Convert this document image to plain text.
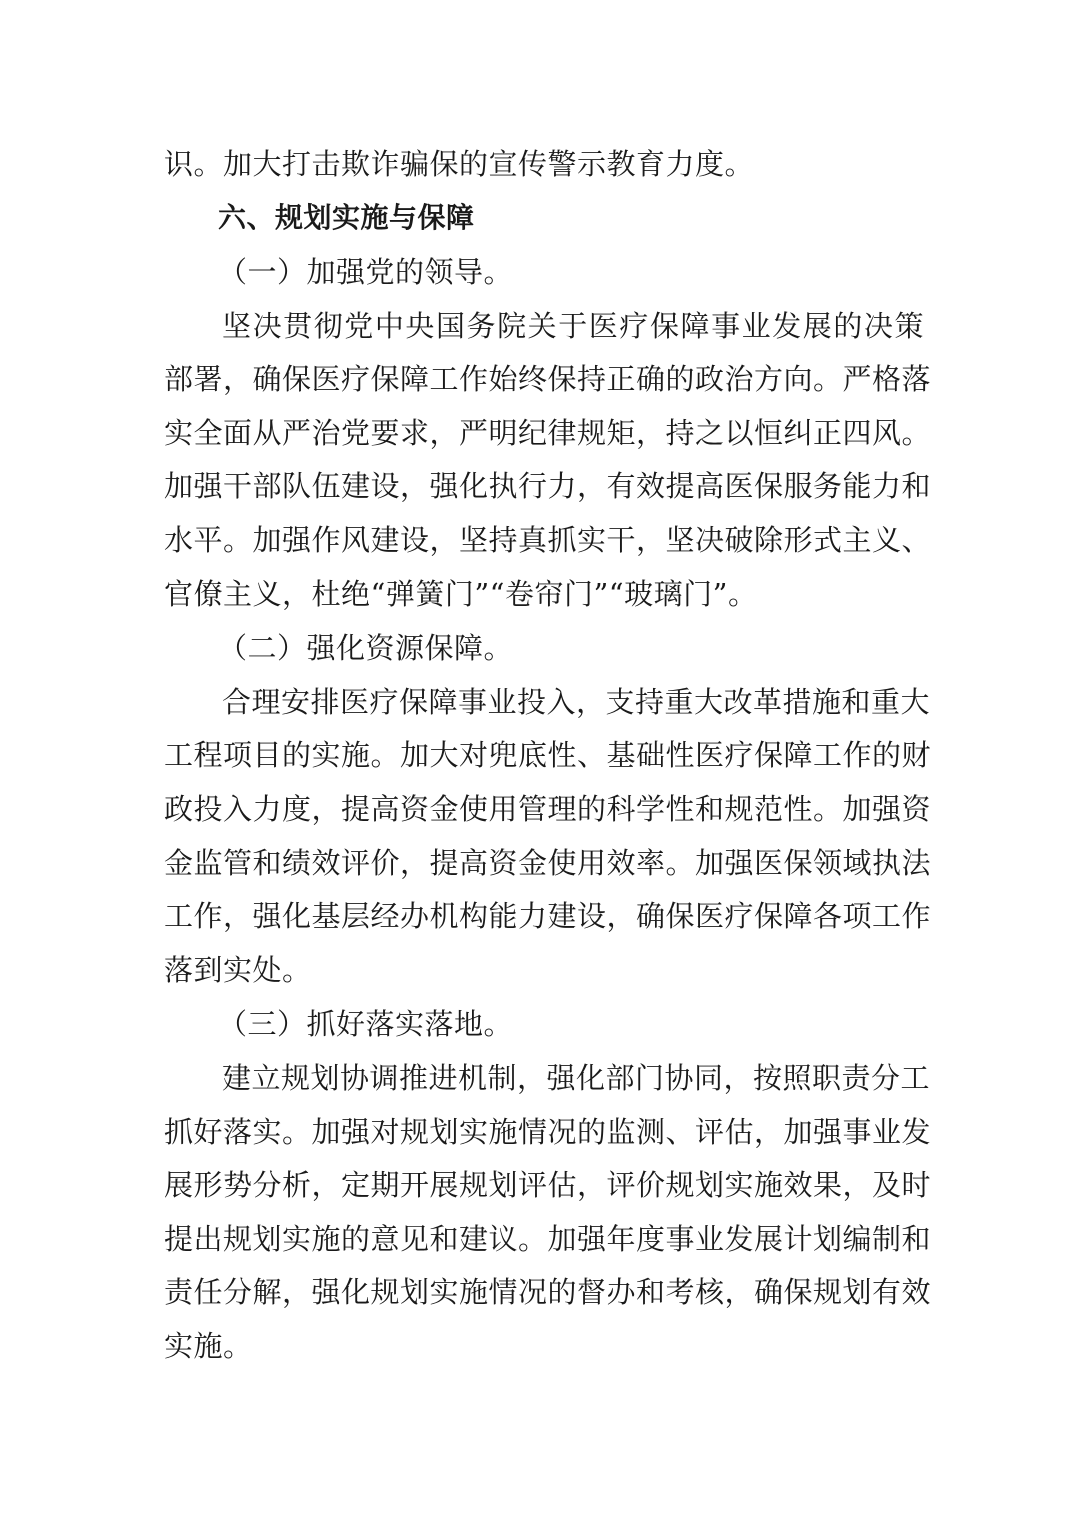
识。加大打击欺诈骗保的宣传警示教育力度。
六、规划实施与保障
（一）加强党的领导。
坚决贯彻党中央国务院关于医疗保障事业发展的决策
部署，确保医疗保障工作始终保持正确的政治方向。严格落
实全面从严治党要求，严明纪律规矩，持之以恒纠正四风。
加强干部队伍建设，强化执行力，有效提高医保服务能力和
水平。加强作风建设，坚持真抓实干，坚决破除形式主义、
官僚主义，杜绝“弹簧门”“卷帘门”“玻璃门”。
（二）强化资源保障。
合理安排医疗保障事业投入，支持重大改革措施和重大
工程项目的实施。加大对兜底性、基础性医疗保障工作的财
政投入力度，提高资金使用管理的科学性和规范性。加强资
金监管和绩效评价，提高资金使用效率。加强医保领域执法
工作，强化基层经办机构能力建设，确保医疗保障各项工作
落到实处。
（三）抓好落实落地。
建立规划协调推进机制，强化部门协同，按照职责分工
抓好落实。加强对规划实施情况的监测、评估，加强事业发
展形势分析，定期开展规划评估，评价规划实施效果，及时
提出规划实施的意见和建议。加强年度事业发展计划编制和
责任分解，强化规划实施情况的督办和考核，确保规划有效
实施。
